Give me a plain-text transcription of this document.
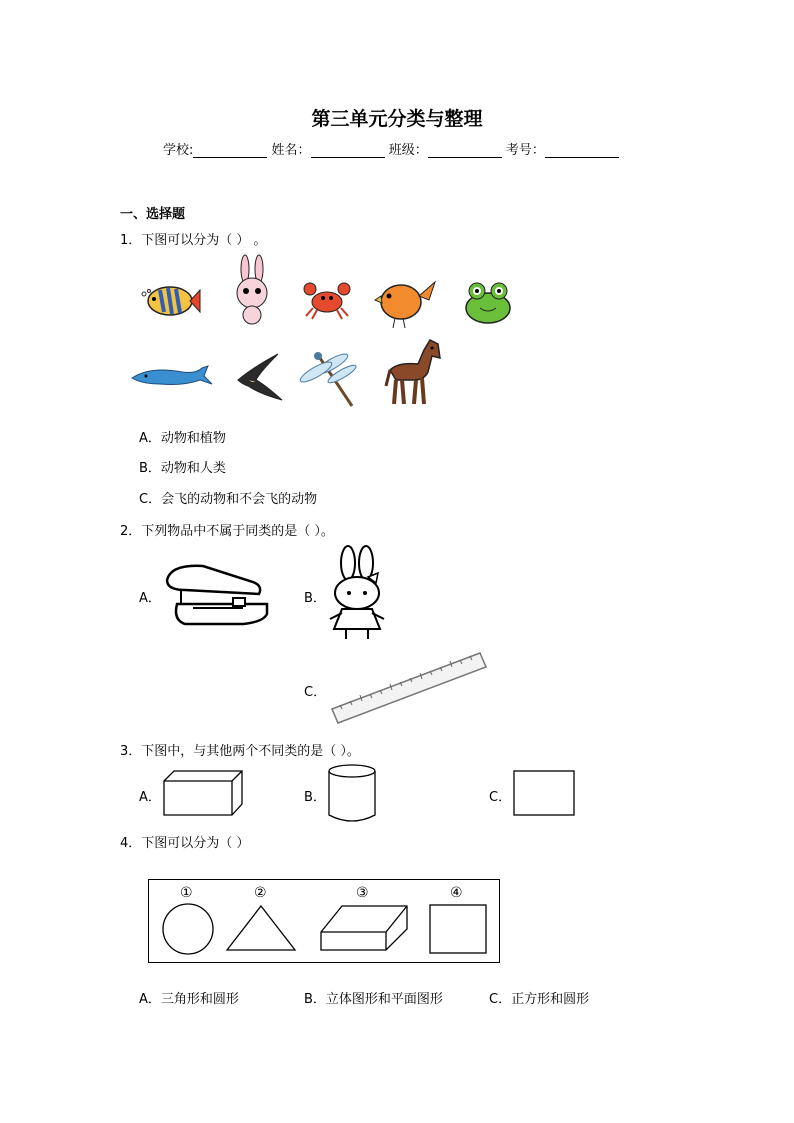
第三单元分类与整理
学校:	姓名：	班级：	考号：
一、选择题
1．下图可以分为（ ） 。
A．动物和植物
B．动物和人类
C．会飞的动物和不会飞的动物
2．下列物品中不属于同类的是（ ）。
A．	B．
C．
3．下图中，与其他两个不同类的是（ ）。
A．	B．	C．
4．下图可以分为（ ）
①	②	③	④
A．三角形和圆形	B．立体图形和平面图形	C．正方形和圆形
